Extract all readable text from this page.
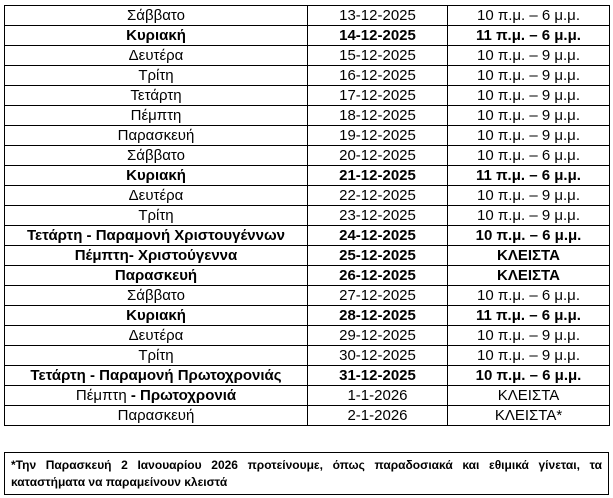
Σάββατο	13-12-2025	10 π.μ. – 6 μ.μ.
Κυριακή	14-12-2025	11 π.μ. – 6 μ.μ.
Δευτέρα	15-12-2025	10 π.μ. – 9 μ.μ.
Τρίτη	16-12-2025	10 π.μ. – 9 μ.μ.
Τετάρτη	17-12-2025	10 π.μ. – 9 μ.μ.
Πέμπτη	18-12-2025	10 π.μ. – 9 μ.μ.
Παρασκευή	19-12-2025	10 π.μ. – 9 μ.μ.
Σάββατο	20-12-2025	10 π.μ. – 6 μ.μ.
Κυριακή	21-12-2025	11 π.μ. – 6 μ.μ.
Δευτέρα	22-12-2025	10 π.μ. – 9 μ.μ.
Τρίτη	23-12-2025	10 π.μ. – 9 μ.μ.
Τετάρτη - Παραμονή Χριστουγέννων	24-12-2025	10 π.μ. – 6 μ.μ.
Πέμπτη- Χριστούγεννα	25-12-2025	ΚΛΕΙΣΤΑ
Παρασκευή	26-12-2025	ΚΛΕΙΣΤΑ
Σάββατο	27-12-2025	10 π.μ. – 6 μ.μ.
Κυριακή	28-12-2025	11 π.μ. – 6 μ.μ.
Δευτέρα	29-12-2025	10 π.μ. – 9 μ.μ.
Τρίτη	30-12-2025	10 π.μ. – 9 μ.μ.
Τετάρτη - Παραμονή Πρωτοχρονιάς	31-12-2025	10 π.μ. – 6 μ.μ.
Πέμπτη - Πρωτοχρονιά	1-1-2026	ΚΛΕΙΣΤΑ
Παρασκευή	2-1-2026	ΚΛΕΙΣΤΑ*
*Την Παρασκευή 2 Ιανουαρίου 2026 προτείνουμε, όπως παραδοσιακά και εθιμικά γίνεται, τα καταστήματα να παραμείνουν κλειστά
